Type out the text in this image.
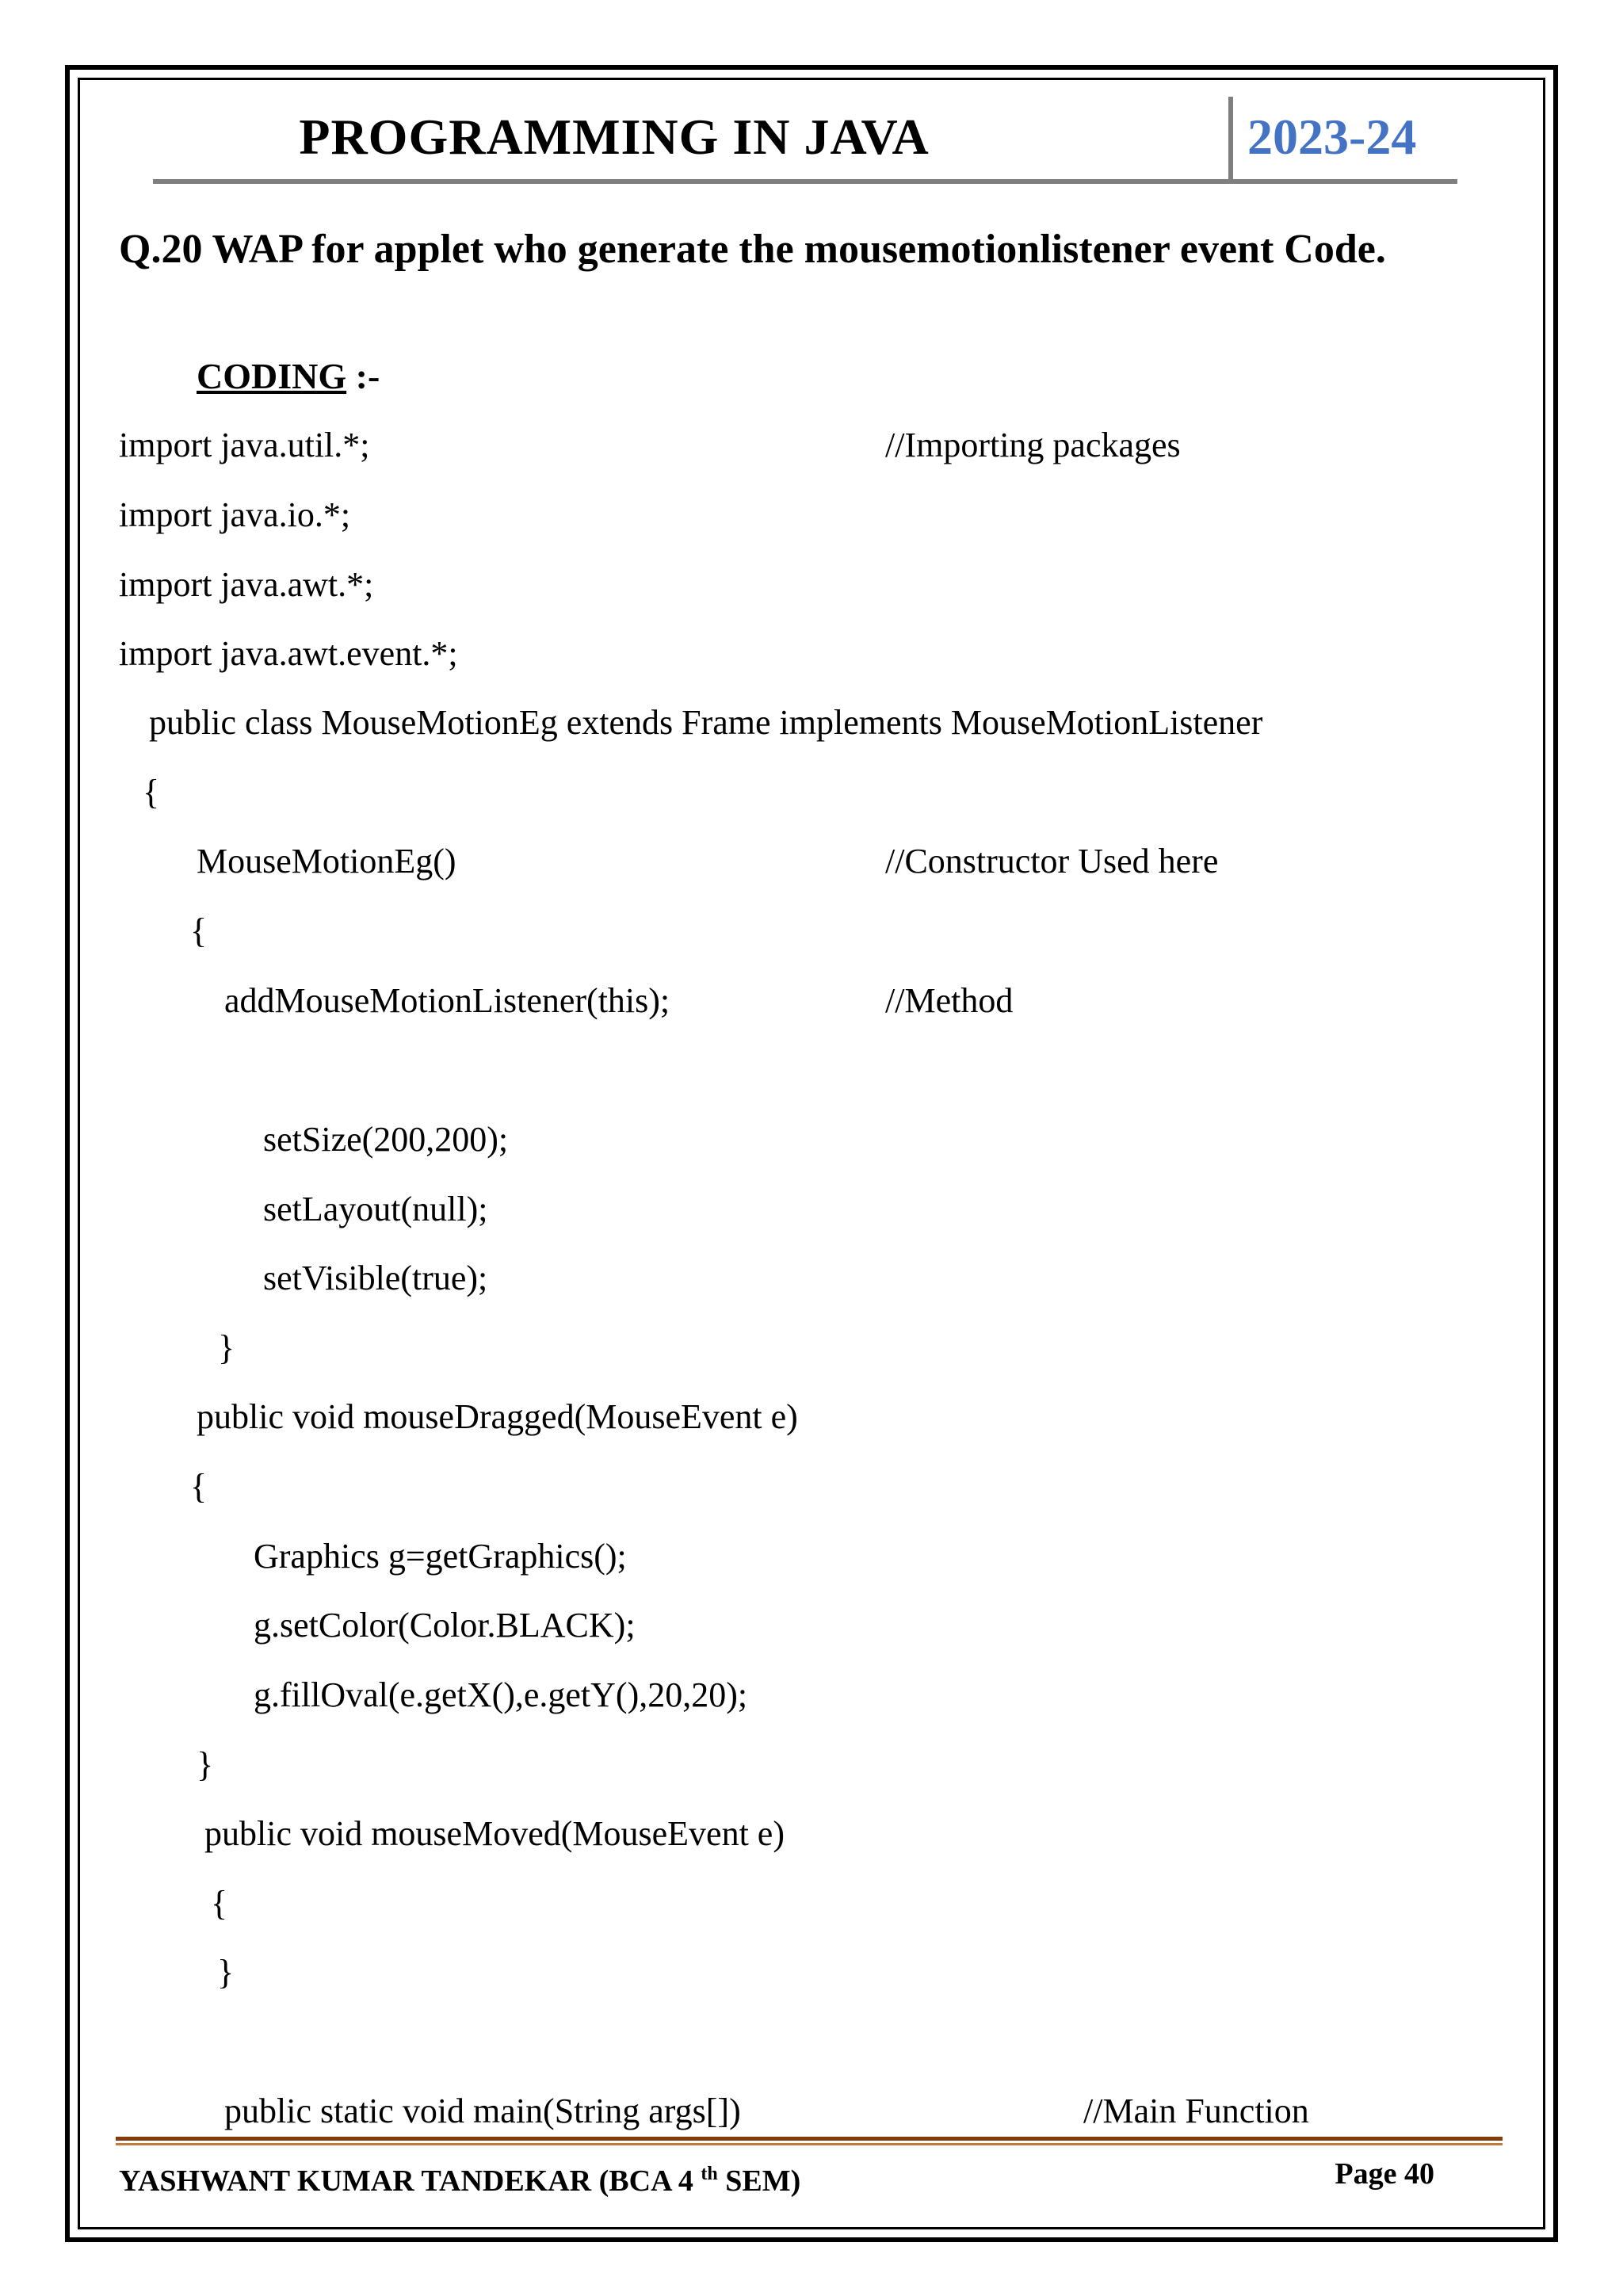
PROGRAMMING IN JAVA	2023-24
Q.20 WAP for applet who generate the mousemotionlistener event Code.
CODING :-
import java.util.*;	//Importing packages
import java.io.*;
import java.awt.*;
import java.awt.event.*;
public class MouseMotionEg extends Frame implements MouseMotionListener
{
MouseMotionEg()	//Constructor Used here
{
addMouseMotionListener(this);	//Method
setSize(200,200);
setLayout(null);
setVisible(true);
}
public void mouseDragged(MouseEvent e)
{
Graphics g=getGraphics();
g.setColor(Color.BLACK);
g.fillOval(e.getX(),e.getY(),20,20);
}
public void mouseMoved(MouseEvent e)
{
}
public static void main(String args[])	//Main Function
YASHWANT KUMAR TANDEKAR (BCA 4 $^{th}$ SEM)	Page 40
